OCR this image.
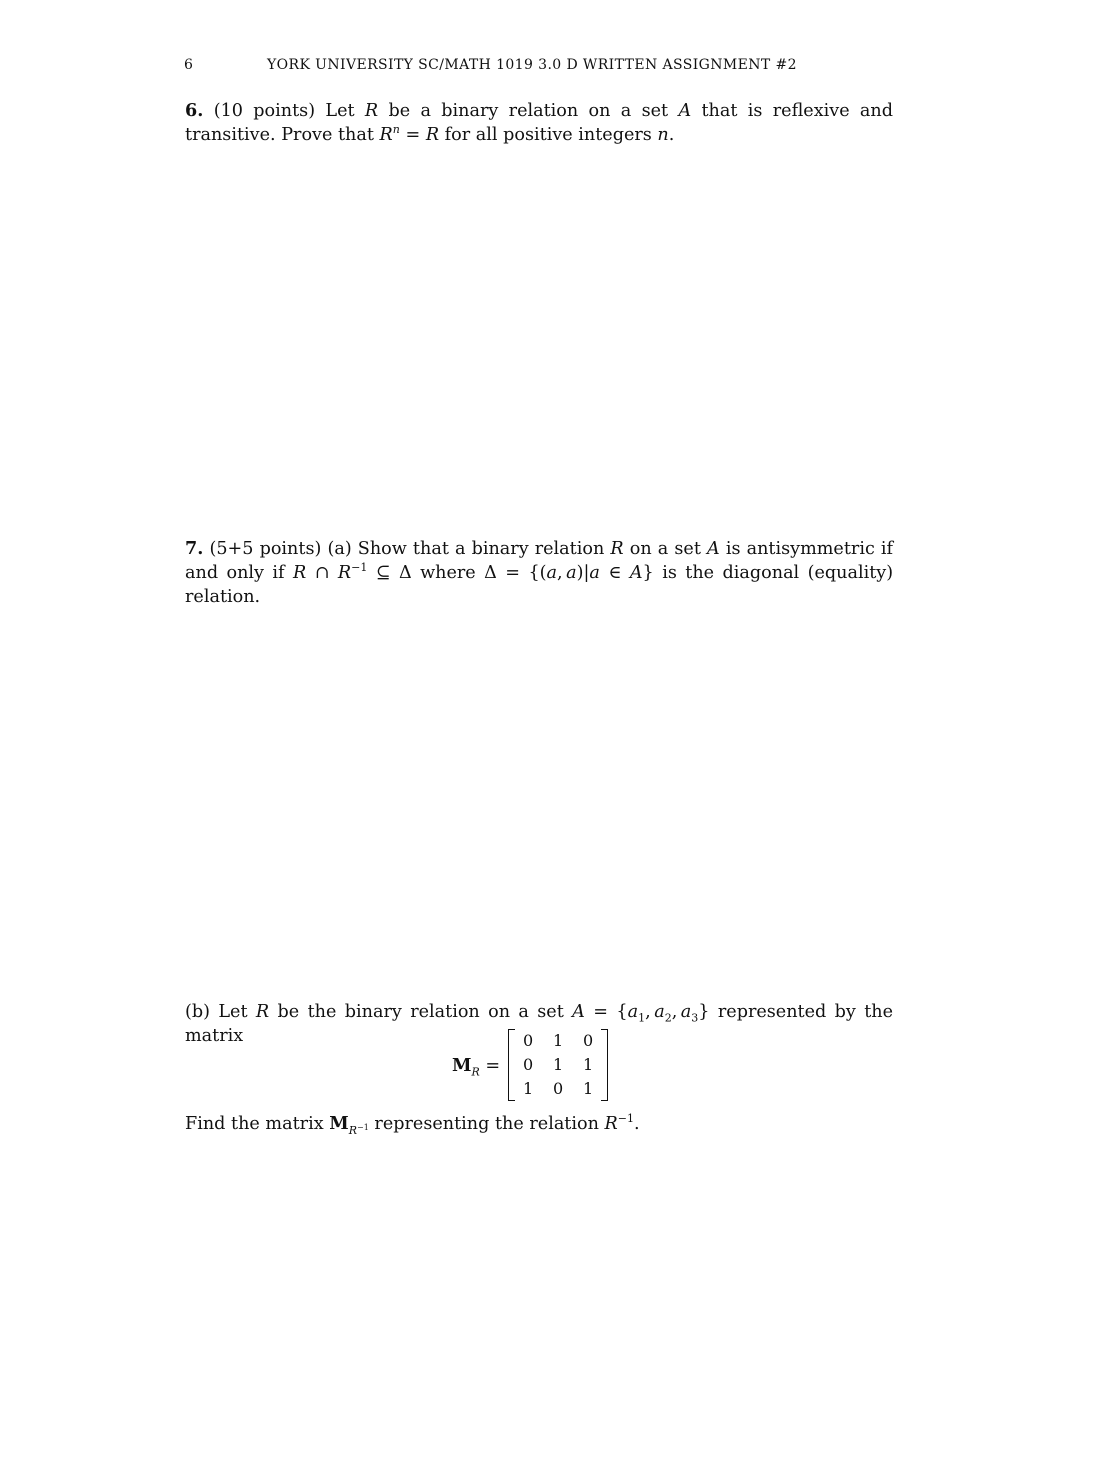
6	YORK UNIVERSITY SC/MATH 1019 3.0 D WRITTEN ASSIGNMENT #2
6. (10 points) Let R be a binary relation on a set A that is reflexive and transitive. Prove that $R^n = R$ for all positive integers n.
7. (5+5 points) (a) Show that a binary relation R on a set A is antisymmetric if and only if R ∩ $R^{-1}$ ⊆ Δ where Δ = {(a,  a)|a ∈ A} is the diagonal (equality) relation.
(b) Let R be the binary relation on a set $A = \{a_1$,  $a_2$,  $a_3$} represented by the matrix
$M_R$ =
0	1	0
0	1	1
1	0	1
Find the matrix $M_{R^{-1}}$ representing the relation $R^{-1}$.
